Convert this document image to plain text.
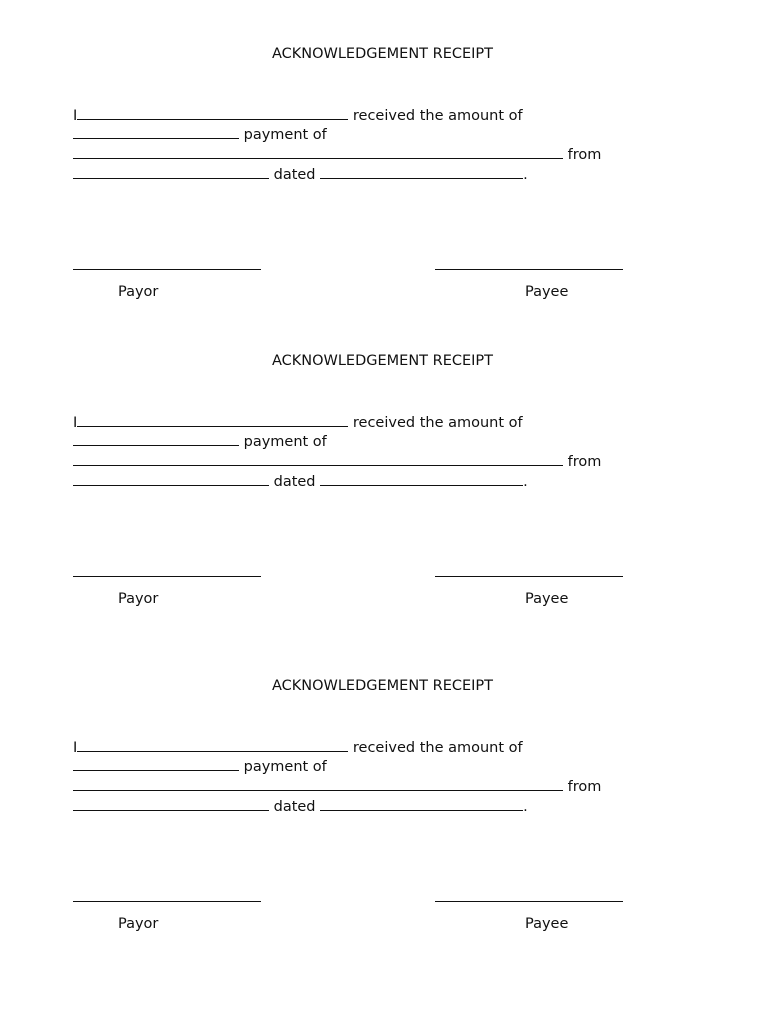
ACKNOWLEDGEMENT RECEIPT
I	received the amount of
payment of
from
dated	.
Payor	Payee
ACKNOWLEDGEMENT RECEIPT
I	received the amount of
payment of
from
dated	.
Payor	Payee
ACKNOWLEDGEMENT RECEIPT
I	received the amount of
payment of
from
dated	.
Payor	Payee
